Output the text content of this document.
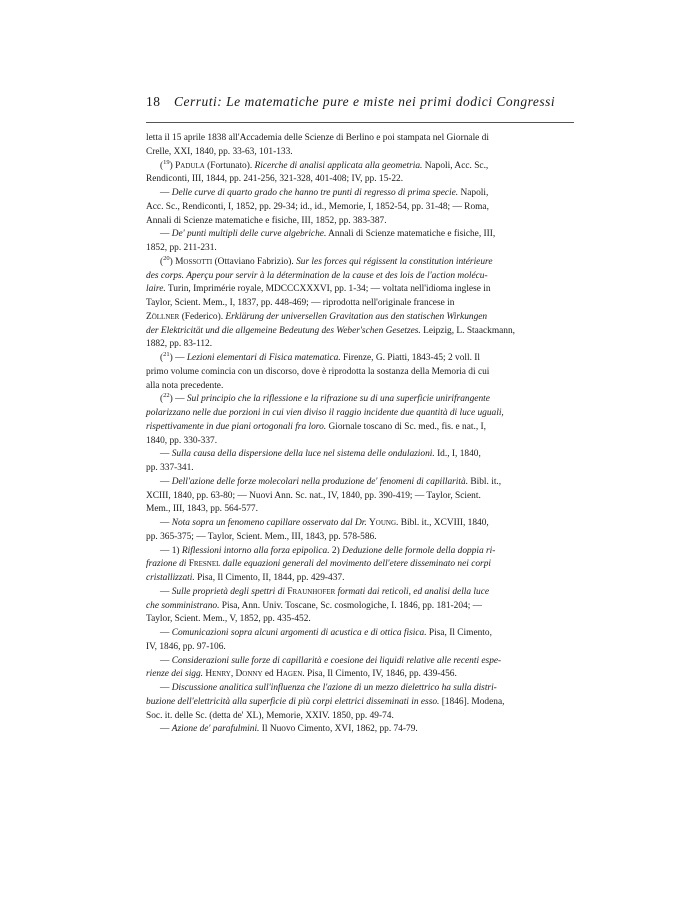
18 Cerruti: Le matematiche pure e miste nei primi dodici Congressi

letta il 15 aprile 1838 all'Accademia delle Scienze di Berlino e poi stampata nel Giornale di
Crelle, XXI, 1840, pp. 33-63, 101-133.

($^{19}$) Padula (Fortunato). Ricerche di analisi applicata alla geometria. Napoli, Acc. Sc.,
Rendiconti, III, 1844, pp. 241-256, 321-328, 401-408; IV, pp. 15-22.
— Delle curve di quarto grado che hanno tre punti di regresso di prima specie. Napoli,
Acc. Sc., Rendiconti, I, 1852, pp. 29-34; id., id., Memorie, I, 1852-54, pp. 31-48; — Roma,
Annali di Scienze matematiche e fisiche, III, 1852, pp. 383-387.
— De' punti multipli delle curve algebriche. Annali di Scienze matematiche e fisiche, III,
1852, pp. 211-231.

($^{20}$) Mossotti (Ottaviano Fabrizio). Sur les forces qui régissent la constitution intérieure
des corps. Aperçu pour servir à la détermination de la cause et des lois de l'action molécu-
laire. Turin, Imprimérie royale, MDCCCXXXVI, pp. 1-34; — voltata nell'idioma inglese in
Taylor, Scient. Mem., I, 1837, pp. 448-469; — riprodotta nell'originale francese in
Zöllner (Federico). Erklärung der universellen Gravitation aus den statischen Wirkungen
der Elektricität und die allgemeine Bedeutung des Weber'schen Gesetzes. Leipzig, L. Staackmann,
1882, pp. 83-112.

($^{21}$) — Lezioni elementari di Fisica matematica. Firenze, G. Piatti, 1843-45; 2 voll. Il
primo volume comincia con un discorso, dove è riprodotta la sostanza della Memoria di cui
alla nota precedente.

($^{22}$) — Sul principio che la riflessione e la rifrazione su di una superficie unirifrangente
polarizzano nelle due porzioni in cui vien diviso il raggio incidente due quantità di luce uguali,
rispettivamente in due piani ortogonali fra loro. Giornale toscano di Sc. med., fis. e nat., I,
1840, pp. 330-337.
— Sulla causa della dispersione della luce nel sistema delle ondulazioni. Id., I, 1840,
pp. 337-341.
— Dell'azione delle forze molecolari nella produzione de' fenomeni di capillarità. Bibl. it.,
XCIII, 1840, pp. 63-80; — Nuovi Ann. Sc. nat., IV, 1840, pp. 390-419; — Taylor, Scient.
Mem., III, 1843, pp. 564-577.
— Nota sopra un fenomeno capillare osservato dal Dr. Young. Bibl. it., XCVIII, 1840,
pp. 365-375; — Taylor, Scient. Mem., III, 1843, pp. 578-586.
— 1) Riflessioni intorno alla forza epipolica. 2) Deduzione delle formole della doppia ri-
frazione di Fresnel dalle equazioni generali del movimento dell'etere disseminato nei corpi
cristallizzati. Pisa, Il Cimento, II, 1844, pp. 429-437.
— Sulle proprietà degli spettri di Fraunhofer formati dai reticoli, ed analisi della luce
che somministrano. Pisa, Ann. Univ. Toscane, Sc. cosmologiche, I. 1846, pp. 181-204; —
Taylor, Scient. Mem., V, 1852, pp. 435-452.
— Comunicazioni sopra alcuni argomenti di acustica e di ottica fisica. Pisa, Il Cimento,
IV, 1846, pp. 97-106.
— Considerazioni sulle forze di capillarità e coesione dei liquidi relative alle recenti espe-
rienze dei sigg. Henry, Donny ed Hagen. Pisa, Il Cimento, IV, 1846, pp. 439-456.
— Discussione analitica sull'influenza che l'azione di un mezzo dielettrico ha sulla distri-
buzione dell'elettricità alla superficie di più corpi elettrici disseminati in esso. [1846]. Modena,
Soc. it. delle Sc. (detta de' XL), Memorie, XXIV. 1850, pp. 49-74.
— Azione de' parafulmini. Il Nuovo Cimento, XVI, 1862, pp. 74-79.
